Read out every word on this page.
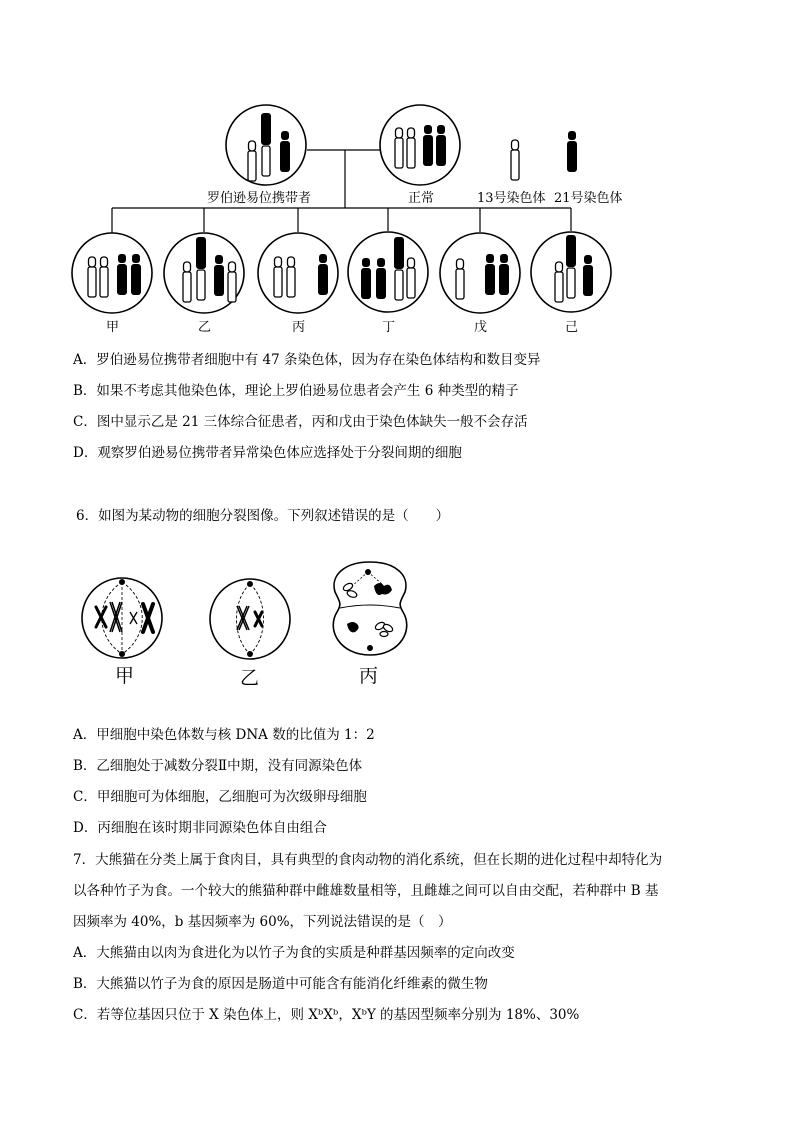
罗伯逊易位携带者	正常	13号染色体 21号染色体
甲	乙	丙	丁	戊	己
A．罗伯逊易位携带者细胞中有 47 条染色体，因为存在染色体结构和数目变异
B．如果不考虑其他染色体，理论上罗伯逊易位患者会产生 6 种类型的精子
C．图中显示乙是 21 三体综合征患者，丙和戊由于染色体缺失一般不会存活
D．观察罗伯逊易位携带者异常染色体应选择处于分裂间期的细胞
6．如图为某动物的细胞分裂图像。下列叙述错误的是（　　）
甲	乙	丙
A．甲细胞中染色体数与核 DNA 数的比值为 1：2
B．乙细胞处于减数分裂Ⅱ中期，没有同源染色体
C．甲细胞可为体细胞，乙细胞可为次级卵母细胞
D．丙细胞在该时期非同源染色体自由组合
7．大熊猫在分类上属于食肉目，具有典型的食肉动物的消化系统，但在长期的进化过程中却特化为
以各种竹子为食。一个较大的熊猫种群中雌雄数量相等，且雌雄之间可以自由交配，若种群中 B 基
因频率为 40%，b 基因频率为 60%，下列说法错误的是（　）
A．大熊猫由以肉为食进化为以竹子为食的实质是种群基因频率的定向改变
B．大熊猫以竹子为食的原因是肠道中可能含有能消化纤维素的微生物
C．若等位基因只位于 X 染色体上，则 XᵇXᵇ，XᵇY 的基因型频率分别为 18%、30%
